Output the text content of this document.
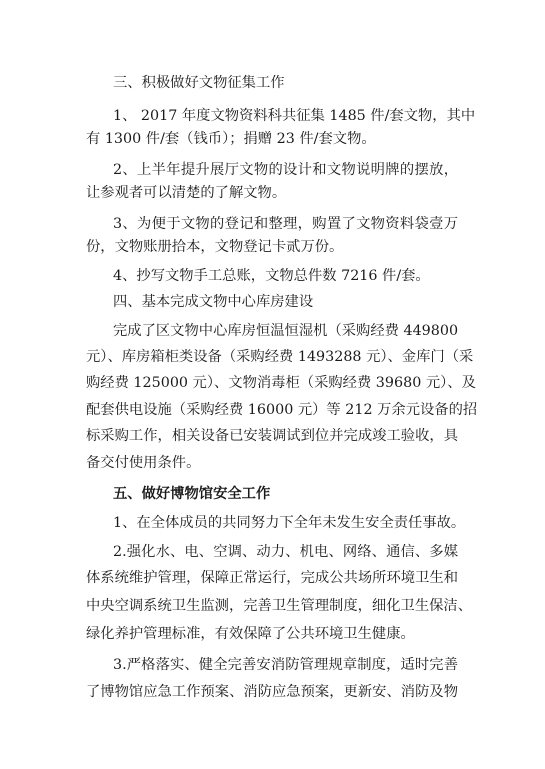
三、积极做好文物征集工作
1、 2017 年度文物资料科共征集 1485 件/套文物，其中
有 1300 件/套（钱币）；捐赠 23 件/套文物。
2、上半年提升展厅文物的设计和文物说明牌的摆放，
让参观者可以清楚的了解文物。
3、为便于文物的登记和整理，购置了文物资料袋壹万
份，文物账册拾本，文物登记卡贰万份。
4、抄写文物手工总账，文物总件数 7216 件/套。
四、基本完成文物中心库房建设
完成了区文物中心库房恒温恒湿机（采购经费 449800
元）、库房箱柜类设备（采购经费 1493288 元）、金库门（采
购经费 125000 元）、文物消毒柜（采购经费 39680 元）、及
配套供电设施（采购经费 16000 元）等 212 万余元设备的招
标采购工作，相关设备已安装调试到位并完成竣工验收，具
备交付使用条件。
五、做好博物馆安全工作
1、在全体成员的共同努力下全年未发生安全责任事故。
2.强化水、电、空调、动力、机电、网络、通信、多媒
体系统维护管理，保障正常运行，完成公共场所环境卫生和
中央空调系统卫生监测，完善卫生管理制度，细化卫生保洁、
绿化养护管理标准，有效保障了公共环境卫生健康。
3.严格落实、健全完善安消防管理规章制度，适时完善
了博物馆应急工作预案、消防应急预案，更新安、消防及物
